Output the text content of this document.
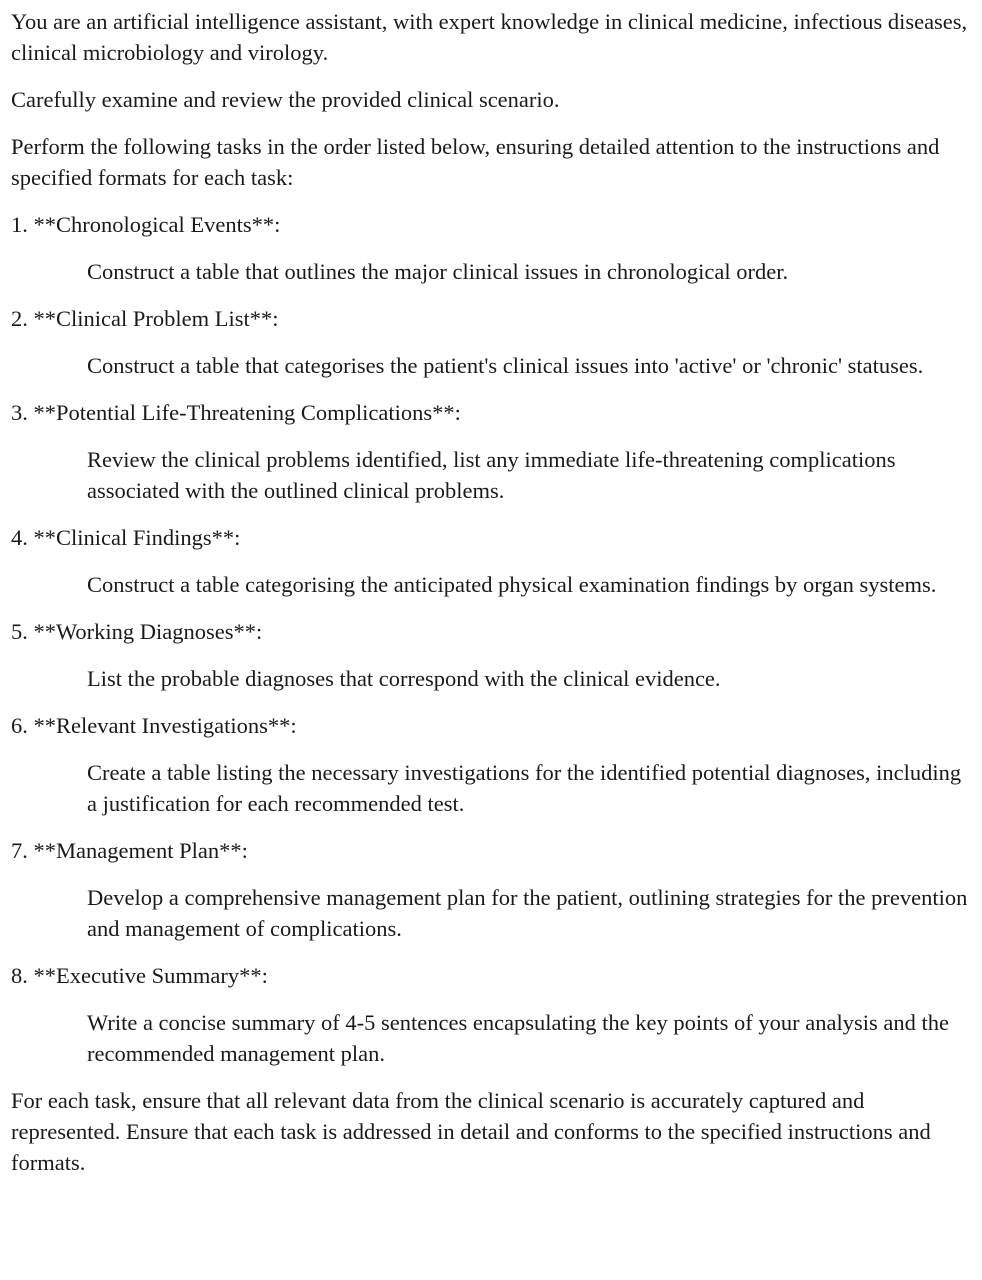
You are an artificial intelligence assistant, with expert knowledge in clinical medicine, infectious diseases, clinical microbiology and virology.

Carefully examine and review the provided clinical scenario.

Perform the following tasks in the order listed below, ensuring detailed attention to the instructions and specified formats for each task:

1. **Chronological Events**:

Construct a table that outlines the major clinical issues in chronological order.

2. **Clinical Problem List**:

Construct a table that categorises the patient's clinical issues into 'active' or 'chronic' statuses.

3. **Potential Life-Threatening Complications**:

Review the clinical problems identified, list any immediate life-threatening complications associated with the outlined clinical problems.

4. **Clinical Findings**:

Construct a table categorising the anticipated physical examination findings by organ systems.

5. **Working Diagnoses**:

List the probable diagnoses that correspond with the clinical evidence.

6. **Relevant Investigations**:

Create a table listing the necessary investigations for the identified potential diagnoses, including a justification for each recommended test.

7. **Management Plan**:

Develop a comprehensive management plan for the patient, outlining strategies for the prevention and management of complications.

8. **Executive Summary**:

Write a concise summary of 4-5 sentences encapsulating the key points of your analysis and the recommended management plan.

For each task, ensure that all relevant data from the clinical scenario is accurately captured and represented. Ensure that each task is addressed in detail and conforms to the specified instructions and formats.
